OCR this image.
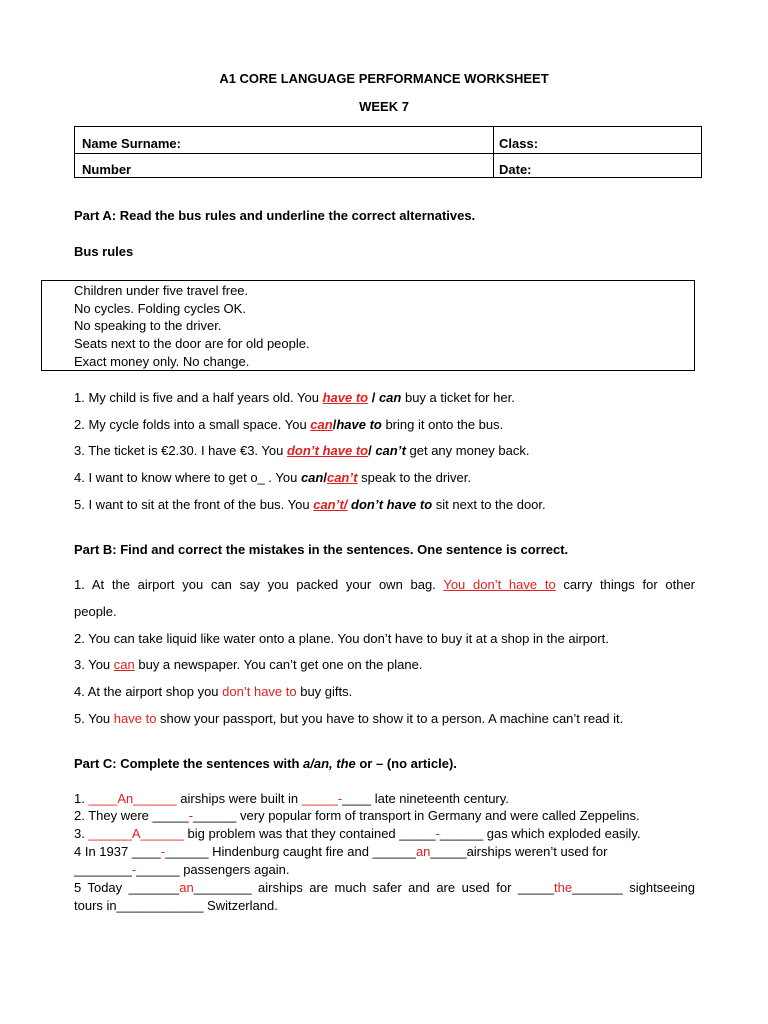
A1 CORE LANGUAGE PERFORMANCE WORKSHEET
WEEK 7
Name Surname:	Class:
Number	Date:
Part A: Read the bus rules and underline the correct alternatives.
Bus rules
Children under five travel free.
No cycles. Folding cycles OK.
No speaking to the driver.
Seats next to the door are for old people.
Exact money only. No change.
1. My child is five and a half years old. You have to / can buy a ticket for her.
2. My cycle folds into a small space. You can/have to bring it onto the bus.
3. The ticket is €2.30. I have €3. You don’t have to/ can’t get any money back.
4. I want to know where to get o_ . You can/can’t speak to the driver.
5. I want to sit at the front of the bus. You can’t/ don’t have to sit next to the door.
Part B: Find and correct the mistakes in the sentences. One sentence is correct.
1. At the airport you can say you packed your own bag. You don’t have to carry things for other
people.
2. You can take liquid like water onto a plane. You don’t have to buy it at a shop in the airport.
3. You can buy a newspaper. You can’t get one on the plane.
4. At the airport shop you don’t have to buy gifts.
5. You have to show your passport, but you have to show it to a person. A machine can’t read it.
Part C: Complete the sentences with a/an, the or – (no article).
1. ____An______ airships were built in _____-____ late nineteenth century.
2. They were _____-______ very popular form of transport in Germany and were called Zeppelins.
3. ______A______ big problem was that they contained _____-______ gas which exploded easily.
4 In 1937 ____-______ Hindenburg caught fire and ______an_____airships weren’t used for
________-______ passengers again.
5 Today _______an________ airships are much safer and are used for _____the_______ sightseeing
tours in____________ Switzerland.
